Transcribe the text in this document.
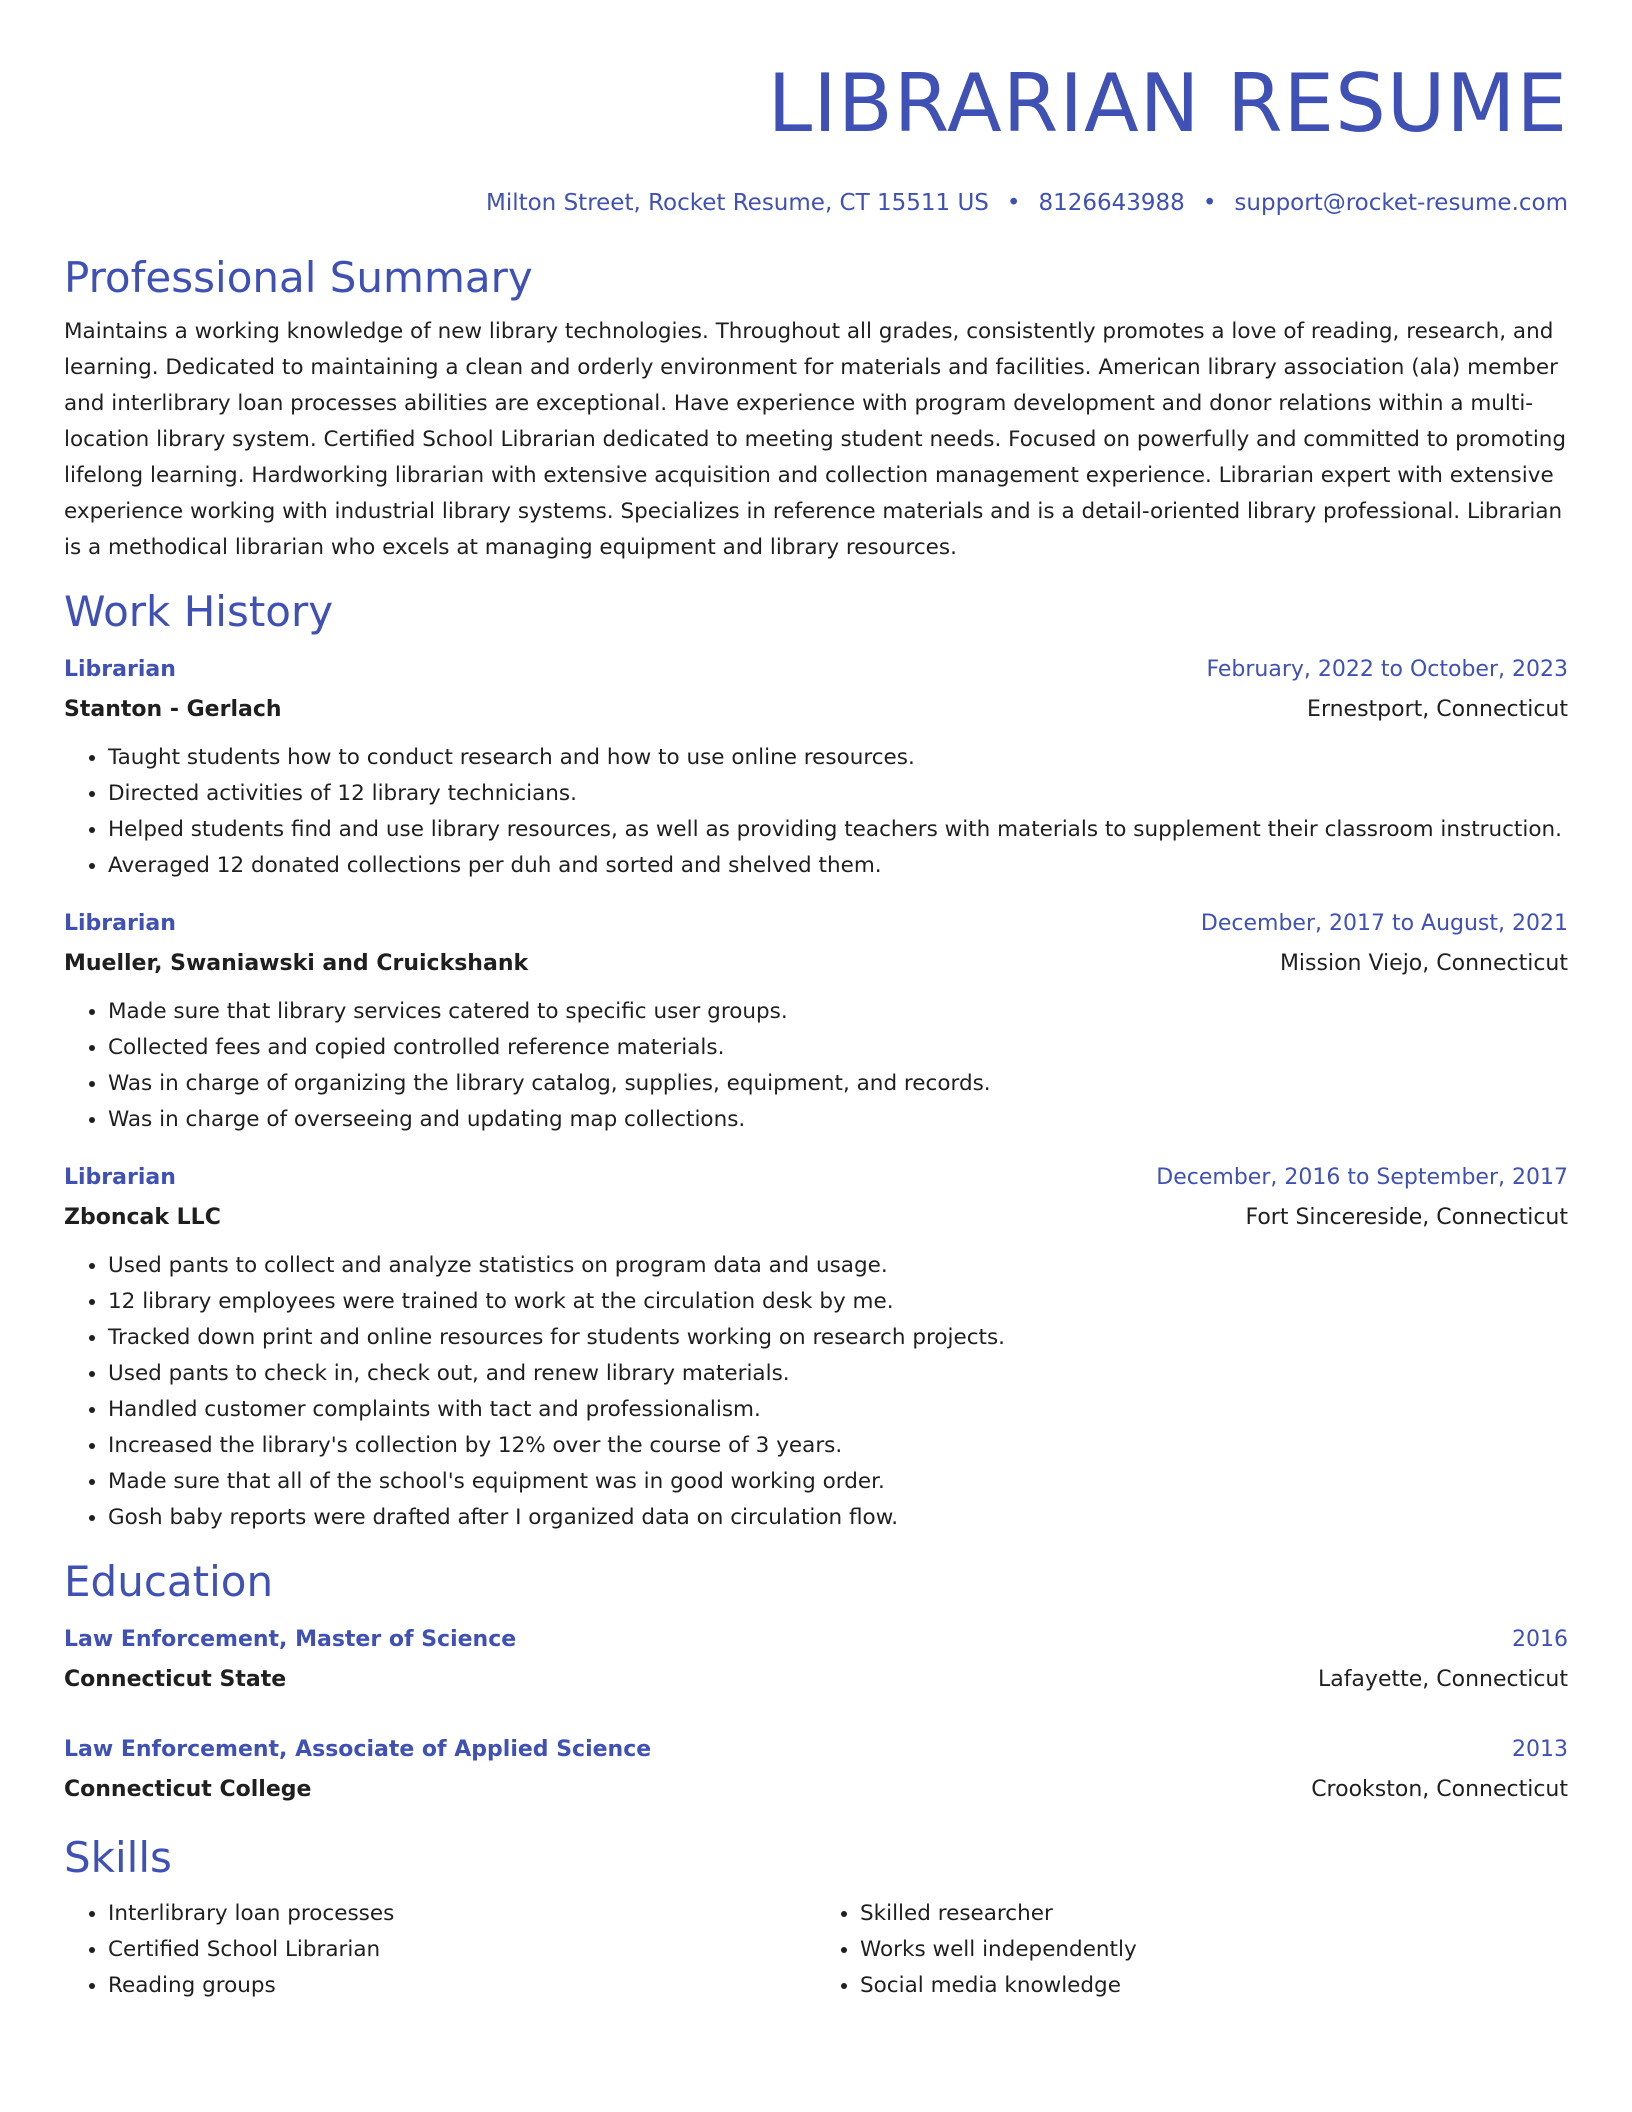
LIBRARIAN RESUME
Milton Street, Rocket Resume, CT 15511 US • 8126643988 • support@rocket-resume.com
Professional Summary
Maintains a working knowledge of new library technologies. Throughout all grades, consistently promotes a love of reading, research, and learning. Dedicated to maintaining a clean and orderly environment for materials and facilities. American library association (ala) member and interlibrary loan processes abilities are exceptional. Have experience with program development and donor relations within a multi-location library system. Certified School Librarian dedicated to meeting student needs. Focused on powerfully and committed to promoting lifelong learning. Hardworking librarian with extensive acquisition and collection management experience. Librarian expert with extensive experience working with industrial library systems. Specializes in reference materials and is a detail-oriented library professional. Librarian is a methodical librarian who excels at managing equipment and library resources.
Work History
Librarian	February, 2022 to October, 2023
Stanton - Gerlach	Ernestport, Connecticut
• Taught students how to conduct research and how to use online resources.
• Directed activities of 12 library technicians.
• Helped students find and use library resources, as well as providing teachers with materials to supplement their classroom instruction.
• Averaged 12 donated collections per duh and sorted and shelved them.
Librarian	December, 2017 to August, 2021
Mueller, Swaniawski and Cruickshank	Mission Viejo, Connecticut
• Made sure that library services catered to specific user groups.
• Collected fees and copied controlled reference materials.
• Was in charge of organizing the library catalog, supplies, equipment, and records.
• Was in charge of overseeing and updating map collections.
Librarian	December, 2016 to September, 2017
Zboncak LLC	Fort Sincereside, Connecticut
• Used pants to collect and analyze statistics on program data and usage.
• 12 library employees were trained to work at the circulation desk by me.
• Tracked down print and online resources for students working on research projects.
• Used pants to check in, check out, and renew library materials.
• Handled customer complaints with tact and professionalism.
• Increased the library's collection by 12% over the course of 3 years.
• Made sure that all of the school's equipment was in good working order.
• Gosh baby reports were drafted after I organized data on circulation flow.
Education
Law Enforcement, Master of Science	2016
Connecticut State	Lafayette, Connecticut
Law Enforcement, Associate of Applied Science	2013
Connecticut College	Crookston, Connecticut
Skills
• Interlibrary loan processes
• Certified School Librarian
• Reading groups
• Skilled researcher
• Works well independently
• Social media knowledge
